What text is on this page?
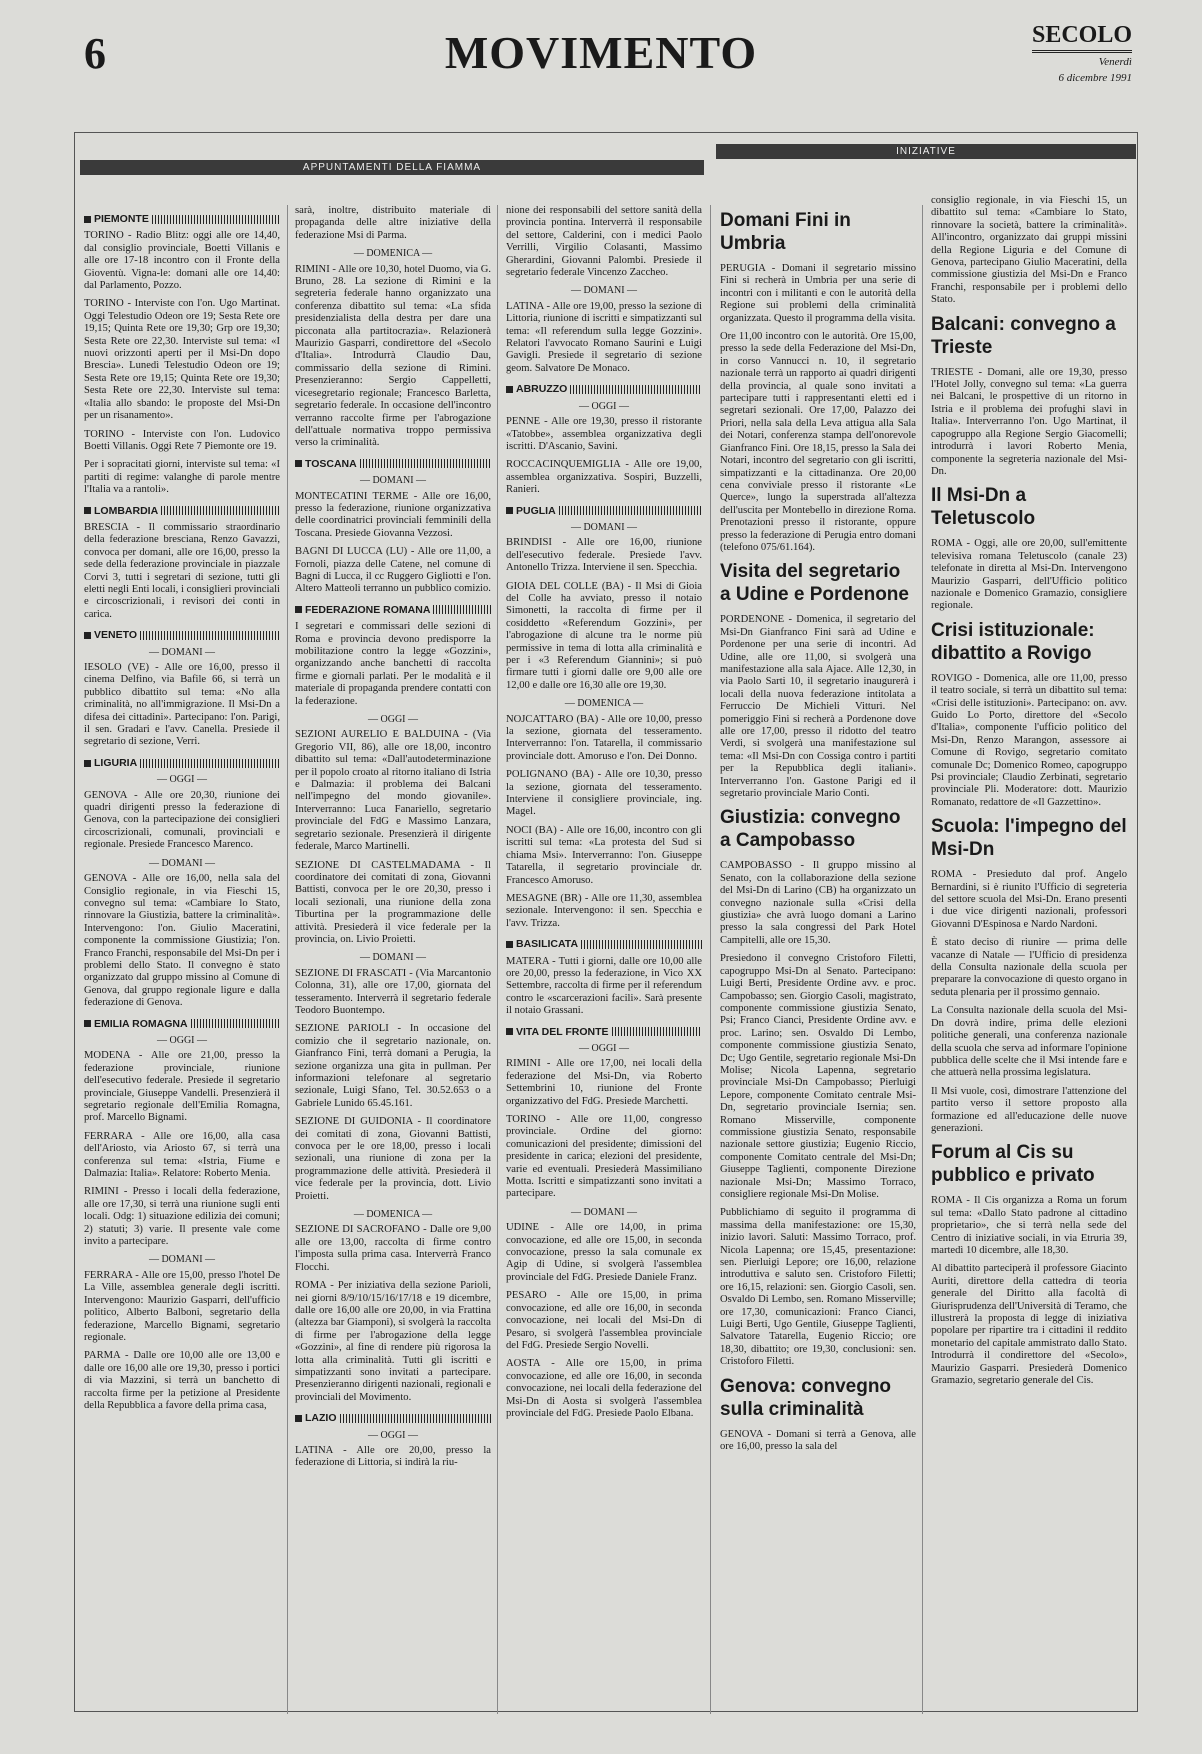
6	MOVIMENTO	SECOLO
Venerdì
6 dicembre 1991
APPUNTAMENTI DELLA FIAMMA
INIZIATIVE
PIEMONTE

TORINO - Radio Blitz: oggi alle ore 14,40, dal consiglio provinciale, Boetti Villanis e alle ore 17-18 incontro con il Fronte della Gioventù. Vigna-le: domani alle ore 14,40: dal Parlamento, Pozzo.

TORINO - Interviste con l'on. Ugo Martinat. Oggi Telestudio Odeon ore 19; Sesta Rete ore 19,15; Quinta Rete ore 19,30; Grp ore 19,30; Sesta Rete ore 22,30. Interviste sul tema: «I nuovi orizzonti aperti per il Msi-Dn dopo Brescia». Lunedì Telestudio Odeon ore 19; Sesta Rete ore 19,15; Quinta Rete ore 19,30; Sesta Rete ore 22,30. Interviste sul tema: «Italia allo sbando: le proposte del Msi-Dn per un risanamento».

TORINO - Interviste con l'on. Ludovico Boetti Villanis. Oggi Rete 7 Piemonte ore 19.

Per i sopracitati giorni, interviste sul tema: «I partiti di regime: valanghe di parole mentre l'Italia va a rantoli».

LOMBARDIA

BRESCIA - Il commissario straordinario della federazione bresciana, Renzo Gavazzi, convoca per domani, alle ore 16,00, presso la sede della federazione provinciale in piazzale Corvi 3, tutti i segretari di sezione, tutti gli eletti negli Enti locali, i consiglieri provinciali e circoscrizionali, i revisori dei conti in carica.

VENETO
— DOMANI —

IESOLO (VE) - Alle ore 16,00, presso il cinema Delfino, via Bafile 66, si terrà un pubblico dibattito sul tema: «No alla criminalità, no all'immigrazione. Il Msi-Dn a difesa dei cittadini». Partecipano: l'on. Parigi, il sen. Gradari e l'avv. Canella. Presiede il segretario di sezione, Verri.

LIGURIA
— OGGI —

GENOVA - Alle ore 20,30, riunione dei quadri dirigenti presso la federazione di Genova, con la partecipazione dei consiglieri circoscrizionali, comunali, provinciali e regionale. Presiede Francesco Marenco.

— DOMANI —

GENOVA - Alle ore 16,00, nella sala del Consiglio regionale, in via Fieschi 15, convegno sul tema: «Cambiare lo Stato, rinnovare la Giustizia, battere la criminalità». Intervengono: l'on. Giulio Maceratini, componente la commissione Giustizia; l'on. Franco Franchi, responsabile del Msi-Dn per i problemi dello Stato. Il convegno è stato organizzato dal gruppo missino al Comune di Genova, dal gruppo regionale ligure e dalla federazione di Genova.

EMILIA ROMAGNA
— OGGI —

MODENA - Alle ore 21,00, presso la federazione provinciale, riunione dell'esecutivo federale. Presiede il segretario provinciale, Giuseppe Vandelli. Presenzierà il segretario regionale dell'Emilia Romagna, prof. Marcello Bignami.

FERRARA - Alle ore 16,00, alla casa dell'Ariosto, via Ariosto 67, si terrà una conferenza sul tema: «Istria, Fiume e Dalmazia: Italia». Relatore: Roberto Menia.

RIMINI - Presso i locali della federazione, alle ore 17,30, si terrà una riunione sugli enti locali. Odg: 1) situazione edilizia dei comuni; 2) statuti; 3) varie. Il presente vale come invito a partecipare.

— DOMANI —

FERRARA - Alle ore 15,00, presso l'hotel De La Ville, assemblea generale degli iscritti. Intervengono: Maurizio Gasparri, dell'ufficio politico, Alberto Balboni, segretario della federazione, Marcello Bignami, segretario regionale.

PARMA - Dalle ore 10,00 alle ore 13,00 e dalle ore 16,00 alle ore 19,30, presso i portici di via Mazzini, si terrà un banchetto di raccolta firme per la petizione al Presidente della Repubblica a favore della prima casa,

sarà, inoltre, distribuito materiale di propaganda delle altre iniziative della federazione Msi di Parma.

— DOMENICA —

RIMINI - Alle ore 10,30, hotel Duomo, via G. Bruno, 28. La sezione di Rimini e la segreteria federale hanno organizzato una conferenza dibattito sul tema: «La sfida presidenzialista della destra per dare una picconata alla partitocrazia». Relazionerà Maurizio Gasparri, condirettore del «Secolo d'Italia». Introdurrà Claudio Dau, commissario della sezione di Rimini. Presenzieranno: Sergio Cappelletti, vicesegretario regionale; Francesco Barletta, segretario federale. In occasione dell'incontro verranno raccolte firme per l'abrogazione dell'attuale normativa troppo permissiva verso la criminalità.

TOSCANA
— DOMANI —

MONTECATINI TERME - Alle ore 16,00, presso la federazione, riunione organizzativa delle coordinatrici provinciali femminili della Toscana. Presiede Giovanna Vezzosi.

BAGNI DI LUCCA (LU) - Alle ore 11,00, a Fornoli, piazza delle Catene, nel comune di Bagni di Lucca, il cc Ruggero Gigliotti e l'on. Altero Matteoli terranno un pubblico comizio.

FEDERAZIONE ROMANA

I segretari e commissari delle sezioni di Roma e provincia devono predisporre la mobilitazione contro la legge «Gozzini», organizzando anche banchetti di raccolta firme e giornali parlati. Per le modalità e il materiale di propaganda prendere contatti con la federazione.

— OGGI —

SEZIONI AURELIO E BALDUINA - (Via Gregorio VII, 86), alle ore 18,00, incontro dibattito sul tema: «Dall'autodeterminazione per il popolo croato al ritorno italiano di Istria e Dalmazia: il problema dei Balcani nell'impegno del mondo giovanile». Interverranno: Luca Fanariello, segretario provinciale del FdG e Massimo Lanzara, segretario sezionale. Presenzierà il dirigente federale, Marco Martinelli.

SEZIONE DI CASTELMADAMA - Il coordinatore dei comitati di zona, Giovanni Battisti, convoca per le ore 20,30, presso i locali sezionali, una riunione della zona Tiburtina per la programmazione delle attività. Presiederà il vice federale per la provincia, on. Livio Proietti.

— DOMANI —

SEZIONE DI FRASCATI - (Via Marcantonio Colonna, 31), alle ore 17,00, giornata del tesseramento. Interverrà il segretario federale Teodoro Buontempo.

SEZIONE PARIOLI - In occasione del comizio che il segretario nazionale, on. Gianfranco Fini, terrà domani a Perugia, la sezione organizza una gita in pullman. Per informazioni telefonare al segretario sezionale, Luigi Sfano, Tel. 30.52.653 o a Gabriele Lunido 65.45.161.

SEZIONE DI GUIDONIA - Il coordinatore dei comitati di zona, Giovanni Battisti, convoca per le ore 18,00, presso i locali sezionali, una riunione di zona per la programmazione delle attività. Presiederà il vice federale per la provincia, dott. Livio Proietti.

— DOMENICA —

SEZIONE DI SACROFANO - Dalle ore 9,00 alle ore 13,00, raccolta di firme contro l'imposta sulla prima casa. Interverrà Franco Flocchi.

ROMA - Per iniziativa della sezione Parioli, nei giorni 8/9/10/15/16/17/18 e 19 dicembre, dalle ore 16,00 alle ore 20,00, in via Frattina (altezza bar Giamponi), si svolgerà la raccolta di firme per l'abrogazione della legge «Gozzini», al fine di rendere più rigorosa la lotta alla criminalità. Tutti gli iscritti e simpatizzanti sono invitati a partecipare. Presenzieranno dirigenti nazionali, regionali e provinciali del Movimento.

LAZIO
— OGGI —

LATINA - Alle ore 20,00, presso la federazione di Littoria, si indirà la riu-

nione dei responsabili del settore sanità della provincia pontina. Interverrà il responsabile del settore, Calderini, con i medici Paolo Verrilli, Virgilio Colasanti, Massimo Gherardini, Giovanni Palombi. Presiede il segretario federale Vincenzo Zaccheo.

— DOMANI —

LATINA - Alle ore 19,00, presso la sezione di Littoria, riunione di iscritti e simpatizzanti sul tema: «Il referendum sulla legge Gozzini». Relatori l'avvocato Romano Saurini e Luigi Gavigli. Presiede il segretario di sezione geom. Salvatore De Monaco.

ABRUZZO
— OGGI —

PENNE - Alle ore 19,30, presso il ristorante «Tatobbe», assemblea organizzativa degli iscritti. D'Ascanio, Savini.

ROCCACINQUEMIGLIA - Alle ore 19,00, assemblea organizzativa. Sospiri, Buzzelli, Ranieri.

PUGLIA
— DOMANI —

BRINDISI - Alle ore 16,00, riunione dell'esecutivo federale. Presiede l'avv. Antonello Trizza. Interviene il sen. Specchia.

GIOIA DEL COLLE (BA) - Il Msi di Gioia del Colle ha avviato, presso il notaio Simonetti, la raccolta di firme per il cosiddetto «Referendum Gozzini», per l'abrogazione di alcune tra le norme più permissive in tema di lotta alla criminalità e per i «3 Referendum Giannini»; si può firmare tutti i giorni dalle ore 9,00 alle ore 12,00 e dalle ore 16,30 alle ore 19,30.

— DOMENICA —

NOJCATTARO (BA) - Alle ore 10,00, presso la sezione, giornata del tesseramento. Interverranno: l'on. Tatarella, il commissario provinciale dott. Amoruso e l'on. Dei Donno.

POLIGNANO (BA) - Alle ore 10,30, presso la sezione, giornata del tesseramento. Interviene il consigliere provinciale, ing. Magel.

NOCI (BA) - Alle ore 16,00, incontro con gli iscritti sul tema: «La protesta del Sud si chiama Msi». Interverranno: l'on. Giuseppe Tatarella, il segretario provinciale dr. Francesco Amoruso.

MESAGNE (BR) - Alle ore 11,30, assemblea sezionale. Intervengono: il sen. Specchia e l'avv. Trizza.

BASILICATA

MATERA - Tutti i giorni, dalle ore 10,00 alle ore 20,00, presso la federazione, in Vico XX Settembre, raccolta di firme per il referendum contro le «scarcerazioni facili». Sarà presente il notaio Grassani.

VITA DEL FRONTE
— OGGI —

RIMINI - Alle ore 17,00, nei locali della federazione del Msi-Dn, via Roberto Settembrini 10, riunione del Fronte organizzativo del FdG. Presiede Marchetti.

TORINO - Alle ore 11,00, congresso provinciale. Ordine del giorno: comunicazioni del presidente; dimissioni del presidente in carica; elezioni del presidente, varie ed eventuali. Presiederà Massimiliano Motta. Iscritti e simpatizzanti sono invitati a partecipare.

— DOMANI —

UDINE - Alle ore 14,00, in prima convocazione, ed alle ore 15,00, in seconda convocazione, presso la sala comunale ex Agip di Udine, si svolgerà l'assemblea provinciale del FdG. Presiede Daniele Franz.

PESARO - Alle ore 15,00, in prima convocazione, ed alle ore 16,00, in seconda convocazione, nei locali del Msi-Dn di Pesaro, si svolgerà l'assemblea provinciale del FdG. Presiede Sergio Novelli.

AOSTA - Alle ore 15,00, in prima convocazione, ed alle ore 16,00, in seconda convocazione, nei locali della federazione del Msi-Dn di Aosta si svolgerà l'assemblea provinciale del FdG. Presiede Paolo Elbana.

Domani Fini in Umbria

PERUGIA - Domani il segretario missino Fini si recherà in Umbria per una serie di incontri con i militanti e con le autorità della Regione sui problemi della criminalità organizzata. Questo il programma della visita.

Ore 11,00 incontro con le autorità. Ore 15,00, presso la sede della Federazione del Msi-Dn, in corso Vannucci n. 10, il segretario nazionale terrà un rapporto ai quadri dirigenti della provincia, al quale sono invitati a partecipare tutti i rappresentanti eletti ed i segretari sezionali. Ore 17,00, Palazzo dei Priori, nella sala della Leva attigua alla Sala dei Notari, conferenza stampa dell'onorevole Gianfranco Fini. Ore 18,15, presso la Sala dei Notari, incontro del segretario con gli iscritti, simpatizzanti e la cittadinanza. Ore 20,00 cena conviviale presso il ristorante «Le Querce», lungo la superstrada all'altezza dell'uscita per Montebello in direzione Roma. Prenotazioni presso il ristorante, oppure presso la federazione di Perugia entro domani (telefono 075/61.164).

Visita del segretario a Udine e Pordenone

PORDENONE - Domenica, il segretario del Msi-Dn Gianfranco Fini sarà ad Udine e Pordenone per una serie di incontri. Ad Udine, alle ore 11,00, si svolgerà una manifestazione alla sala Ajace. Alle 12,30, in via Paolo Sarti 10, il segretario inaugurerà i locali della nuova federazione intitolata a Ferruccio De Michieli Vitturi. Nel pomeriggio Fini si recherà a Pordenone dove alle ore 17,00, presso il ridotto del teatro Verdi, si svolgerà una manifestazione sul tema: «Il Msi-Dn con Cossiga contro i partiti per la Repubblica degli italiani». Interverranno l'on. Gastone Parigi ed il segretario provinciale Mario Conti.

Giustizia: convegno a Campobasso

CAMPOBASSO - Il gruppo missino al Senato, con la collaborazione della sezione del Msi-Dn di Larino (CB) ha organizzato un convegno nazionale sulla «Crisi della giustizia» che avrà luogo domani a Larino presso la sala congressi del Park Hotel Campitelli, alle ore 15,30.

Presiedono il convegno Cristoforo Filetti, capogruppo Msi-Dn al Senato. Partecipano: Luigi Berti, Presidente Ordine avv. e proc. Campobasso; sen. Giorgio Casoli, magistrato, componente commissione giustizia Senato, Psi; Franco Cianci, Presidente Ordine avv. e proc. Larino; sen. Osvaldo Di Lembo, componente commissione giustizia Senato, Dc; Ugo Gentile, segretario regionale Msi-Dn Molise; Nicola Lapenna, segretario provinciale Msi-Dn Campobasso; Pierluigi Lepore, componente Comitato centrale Msi-Dn, segretario provinciale Isernia; sen. Romano Misserville, componente commissione giustizia Senato, responsabile nazionale settore giustizia; Eugenio Riccio, componente Comitato centrale del Msi-Dn; Giuseppe Taglienti, componente Direzione nazionale Msi-Dn; Massimo Torraco, consigliere regionale Msi-Dn Molise.

Pubblichiamo di seguito il programma di massima della manifestazione: ore 15,30, inizio lavori. Saluti: Massimo Torraco, prof. Nicola Lapenna; ore 15,45, presentazione: sen. Pierluigi Lepore; ore 16,00, relazione introduttiva e saluto sen. Cristoforo Filetti; ore 16,15, relazioni: sen. Giorgio Casoli, sen. Osvaldo Di Lembo, sen. Romano Misserville; ore 17,30, comunicazioni: Franco Cianci, Luigi Berti, Ugo Gentile, Giuseppe Taglienti, Salvatore Tatarella, Eugenio Riccio; ore 18,30, dibattito; ore 19,30, conclusioni: sen. Cristoforo Filetti.

Genova: convegno sulla criminalità

GENOVA - Domani si terrà a Genova, alle ore 16,00, presso la sala del

consiglio regionale, in via Fieschi 15, un dibattito sul tema: «Cambiare lo Stato, rinnovare la società, battere la criminalità». All'incontro, organizzato dai gruppi missini della Regione Liguria e del Comune di Genova, partecipano Giulio Maceratini, della commissione giustizia del Msi-Dn e Franco Franchi, responsabile per i problemi dello Stato.

Balcani: convegno a Trieste

TRIESTE - Domani, alle ore 19,30, presso l'Hotel Jolly, convegno sul tema: «La guerra nei Balcani, le prospettive di un ritorno in Istria e il problema dei profughi slavi in Italia». Interverranno l'on. Ugo Martinat, il capogruppo alla Regione Sergio Giacomelli; introdurrà i lavori Roberto Menia, componente la segreteria nazionale del Msi-Dn.

Il Msi-Dn a Teletuscolo

ROMA - Oggi, alle ore 20,00, sull'emittente televisiva romana Teletuscolo (canale 23) telefonate in diretta al Msi-Dn. Intervengono Maurizio Gasparri, dell'Ufficio politico nazionale e Domenico Gramazio, consigliere regionale.

Crisi istituzionale: dibattito a Rovigo

ROVIGO - Domenica, alle ore 11,00, presso il teatro sociale, si terrà un dibattito sul tema: «Crisi delle istituzioni». Partecipano: on. avv. Guido Lo Porto, direttore del «Secolo d'Italia», componente l'ufficio politico del Msi-Dn, Renzo Marangon, assessore ai Comune di Rovigo, segretario comitato comunale Dc; Domenico Romeo, capogruppo Psi provinciale; Claudio Zerbinati, segretario provinciale Pli. Moderatore: dott. Maurizio Romanato, redattore de «Il Gazzettino».

Scuola: l'impegno del Msi-Dn

ROMA - Presieduto dal prof. Angelo Bernardini, si è riunito l'Ufficio di segreteria del settore scuola del Msi-Dn. Erano presenti i due vice dirigenti nazionali, professori Giovanni D'Espinosa e Nardo Nardoni.

È stato deciso di riunire — prima delle vacanze di Natale — l'Ufficio di presidenza della Consulta nazionale della scuola per preparare la convocazione di questo organo in seduta plenaria per il prossimo gennaio.

La Consulta nazionale della scuola del Msi-Dn dovrà indire, prima delle elezioni politiche generali, una conferenza nazionale della scuola che serva ad informare l'opinione pubblica delle scelte che il Msi intende fare e che attuerà nella prossima legislatura.

Il Msi vuole, così, dimostrare l'attenzione del partito verso il settore proposto alla formazione ed all'educazione delle nuove generazioni.

Forum al Cis su pubblico e privato

ROMA - Il Cis organizza a Roma un forum sul tema: «Dallo Stato padrone al cittadino proprietario», che si terrà nella sede del Centro di iniziative sociali, in via Etruria 39, martedì 10 dicembre, alle 18,30.

Al dibattito parteciperà il professore Giacinto Auriti, direttore della cattedra di teoria generale del Diritto alla facoltà di Giurisprudenza dell'Università di Teramo, che illustrerà la proposta di legge di iniziativa popolare per ripartire tra i cittadini il reddito monetario del capitale ammistrato dallo Stato. Introdurrà il condirettore del «Secolo», Maurizio Gasparri. Presiederà Domenico Gramazio, segretario generale del Cis.
